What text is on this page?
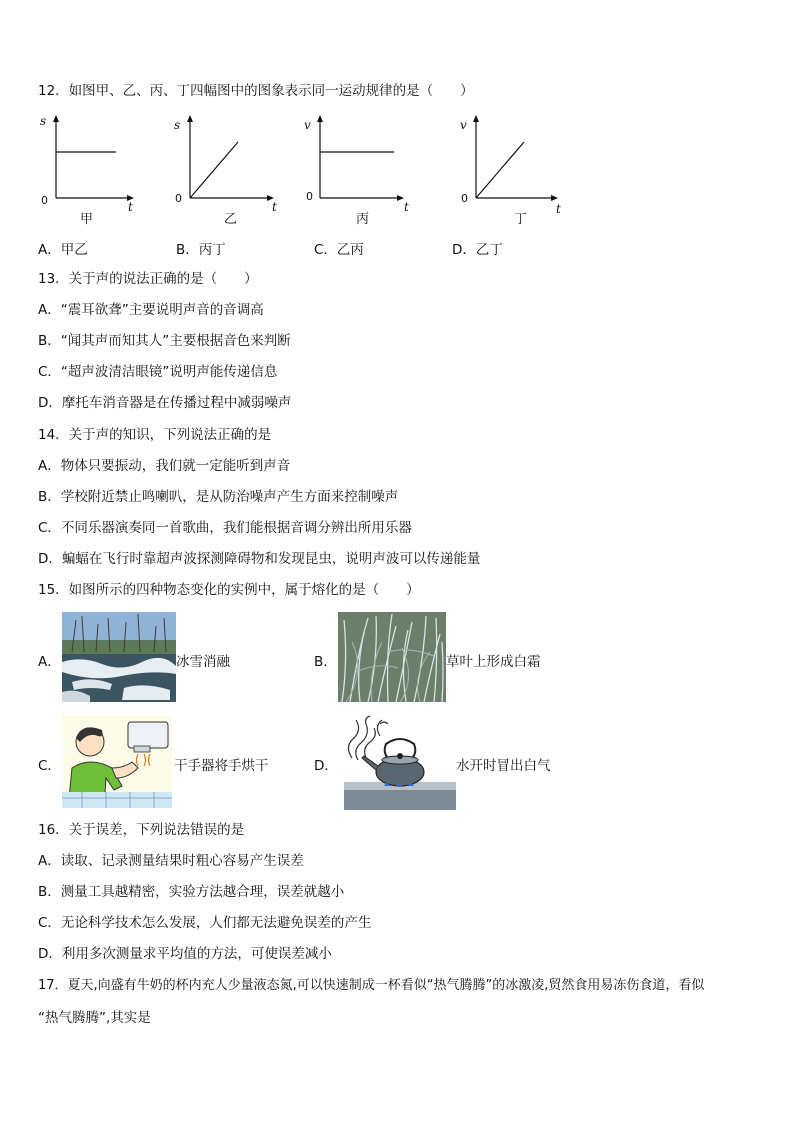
12．如图甲、乙、丙、丁四幅图中的图象表示同一运动规律的是（　　）
s
0	t
甲
s
0
t
乙
v
0
t
丙
v
0
t
丁
A．甲乙	B．丙丁	C．乙丙	D．乙丁
13．关于声的说法正确的是（　　）
A．“震耳欲聋”主要说明声音的音调高
B．“闻其声而知其人”主要根据音色来判断
C．“超声波清洁眼镜”说明声能传递信息
D．摩托车消音器是在传播过程中减弱噪声
14．关于声的知识，下列说法正确的是
A．物体只要振动，我们就一定能听到声音
B．学校附近禁止鸣喇叭，是从防治噪声产生方面来控制噪声
C．不同乐器演奏同一首歌曲，我们能根据音调分辨出所用乐器
D．蝙蝠在飞行时靠超声波探测障碍物和发现昆虫，说明声波可以传递能量
15．如图所示的四种物态变化的实例中，属于熔化的是（　　）
A．	冰雪消融	B．	草叶上形成白霜
C．	干手器将手烘干	D．	水开时冒出白气
16．关于误差，下列说法错误的是
A．读取、记录测量结果时粗心容易产生误差
B．测量工具越精密，实验方法越合理，误差就越小
C．无论科学技术怎么发展，人们都无法避免误差的产生
D．利用多次测量求平均值的方法，可使误差减小
17．夏天,向盛有牛奶的杯内充人少量液态氮,可以快速制成一杯看似“热气腾腾”的冰激凌,贸然食用易冻伤食道，看似
“热气腾腾”,其实是
